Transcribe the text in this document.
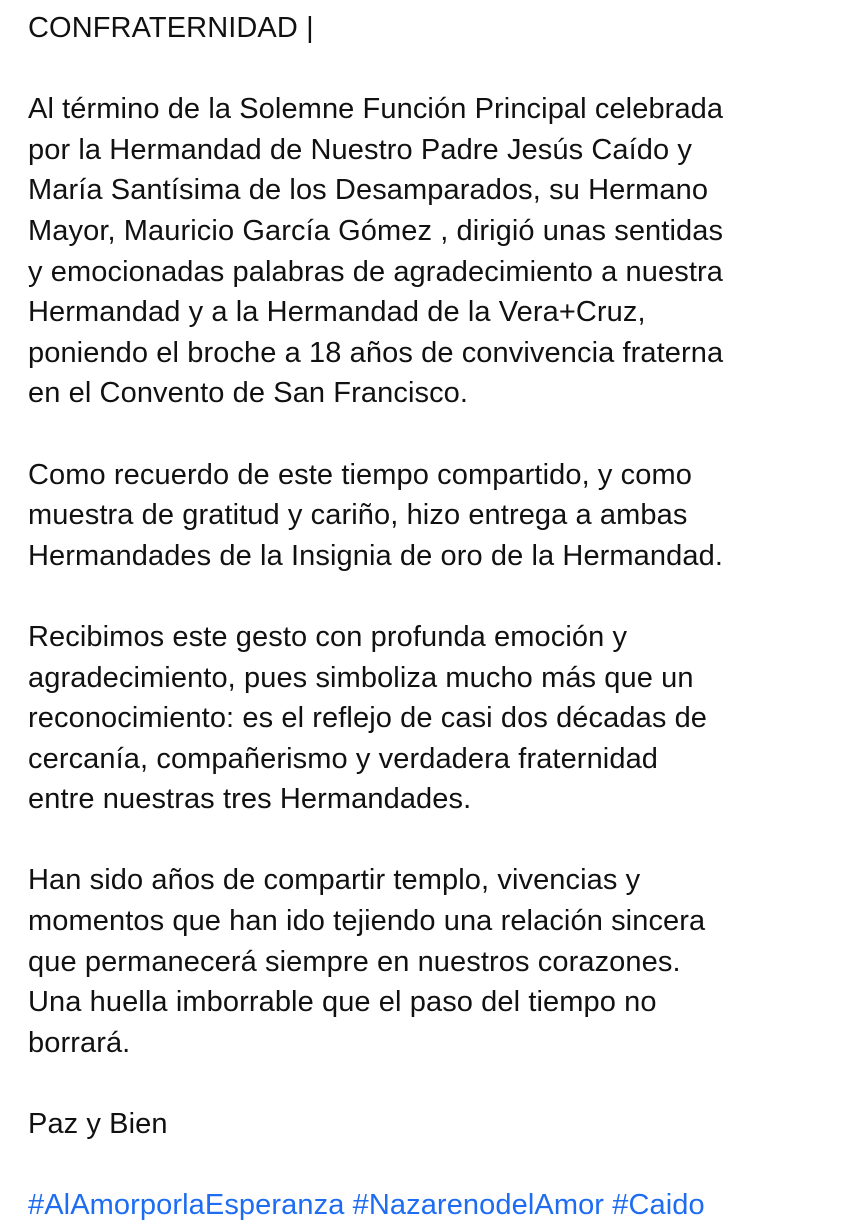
CONFRATERNIDAD |
Al término de la Solemne Función Principal celebrada
por la Hermandad de Nuestro Padre Jesús Caído y
María Santísima de los Desamparados, su Hermano
Mayor, Mauricio García Gómez , dirigió unas sentidas
y emocionadas palabras de agradecimiento a nuestra
Hermandad y a la Hermandad de la Vera+Cruz,
poniendo el broche a 18 años de convivencia fraterna
en el Convento de San Francisco.
Como recuerdo de este tiempo compartido, y como
muestra de gratitud y cariño, hizo entrega a ambas
Hermandades de la Insignia de oro de la Hermandad.
Recibimos este gesto con profunda emoción y
agradecimiento, pues simboliza mucho más que un
reconocimiento: es el reflejo de casi dos décadas de
cercanía, compañerismo y verdadera fraternidad
entre nuestras tres Hermandades.
Han sido años de compartir templo, vivencias y
momentos que han ido tejiendo una relación sincera
que permanecerá siempre en nuestros corazones.
Una huella imborrable que el paso del tiempo no
borrará.
Paz y Bien
#AlAmorporlaEsperanza #NazarenodelAmor #Caido
